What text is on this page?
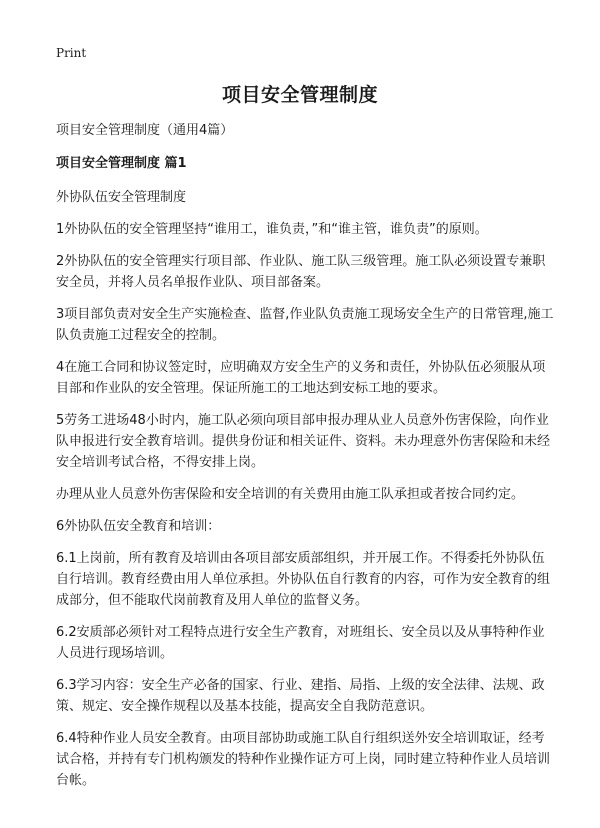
Print
项目安全管理制度

项目安全管理制度（通用4篇）

项目安全管理制度 篇1

外协队伍安全管理制度

1外协队伍的安全管理坚持“谁用工，谁负责，”和“谁主管，谁负责”的原则。

2外协队伍的安全管理实行项目部、作业队、施工队三级管理。施工队必须设置专兼职安全员，并将人员名单报作业队、项目部备案。

3项目部负责对安全生产实施检查、监督,作业队负责施工现场安全生产的日常管理,施工队负责施工过程安全的控制。

4在施工合同和协议签定时，应明确双方安全生产的义务和责任，外协队伍必须服从项目部和作业队的安全管理。保证所施工的工地达到安标工地的要求。

5劳务工进场48小时内，施工队必须向项目部申报办理从业人员意外伤害保险，向作业队申报进行安全教育培训。提供身份证和相关证件、资料。未办理意外伤害保险和未经安全培训考试合格，不得安排上岗。

办理从业人员意外伤害保险和安全培训的有关费用由施工队承担或者按合同约定。

6外协队伍安全教育和培训：

6.1上岗前，所有教育及培训由各项目部安质部组织，并开展工作。不得委托外协队伍自行培训。教育经费由用人单位承担。外协队伍自行教育的内容，可作为安全教育的组成部分，但不能取代岗前教育及用人单位的监督义务。

6.2安质部必须针对工程特点进行安全生产教育，对班组长、安全员以及从事特种作业人员进行现场培训。

6.3学习内容：安全生产必备的国家、行业、建指、局指、上级的安全法律、法规、政策、规定、安全操作规程以及基本技能，提高安全自我防范意识。

6.4特种作业人员安全教育。由项目部协助或施工队自行组织送外安全培训取证，经考试合格，并持有专门机构颁发的特种作业操作证方可上岗，同时建立特种作业人员培训台帐。
